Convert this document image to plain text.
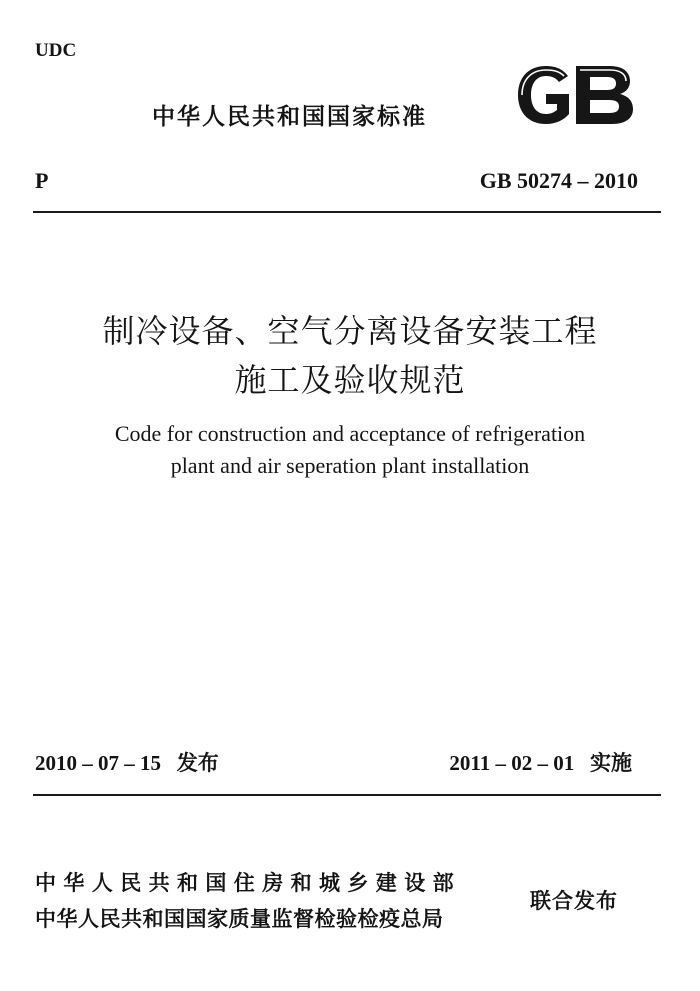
UDC
中华人民共和国国家标准
P	GB 50274 – 2010
制冷设备、空气分离设备安装工程
施工及验收规范
Code for construction and acceptance of refrigeration
plant and air seperation plant installation
2010 – 07 – 15 发布	2011 – 02 – 01 实施
中华人民共和国住房和城乡建设部
中华人民共和国国家质量监督检验检疫总局
联合发布
